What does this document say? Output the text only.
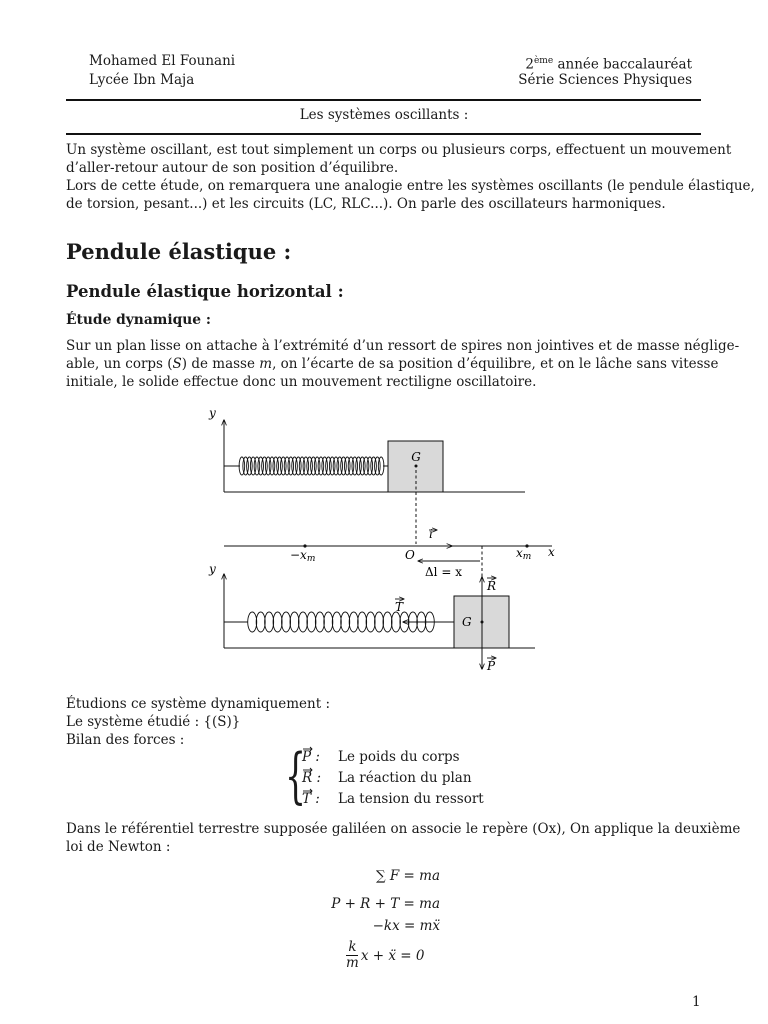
Mohamed El Founani
Lycée Ibn Maja
2ème année baccalauréat
Série Sciences Physiques
Les systèmes oscillants :
Un système oscillant, est tout simplement un corps ou plusieurs corps, effectuent un mouvement
d’aller-retour autour de son position d’équilibre.
Lors de cette étude, on remarquera une analogie entre les systèmes oscillants (le pendule élastique,
de torsion, pesant...) et les circuits (LC, RLC...). On parle des oscillateurs harmoniques.
Pendule élastique :
Pendule élastique horizontal :
Étude dynamique :
Sur un plan lisse on attache à l’extrémité d’un ressort de spires non jointives et de masse néglige-
able, un corps (S) de masse m, on l’écarte de sa position d’équilibre, et on le lâche sans vitesse
initiale, le solide effectue donc un mouvement rectiligne oscillatoire.
y
G
i
−xm	xm x
O
Δl = x
y
G
R
P
T
Étudions ce système dynamiquement :
Le système étudié : {(S)}
Bilan des forces :
{
P :	Le poids du corps
R :	La réaction du plan
T :	La tension du ressort
Dans le référentiel terrestre supposée galiléen on associe le repère (Ox), On applique la deuxième
loi de Newton :
∑ F = ma
P + R + T = ma
−kx = mẍ
k
m x + ẍ = 0
1
